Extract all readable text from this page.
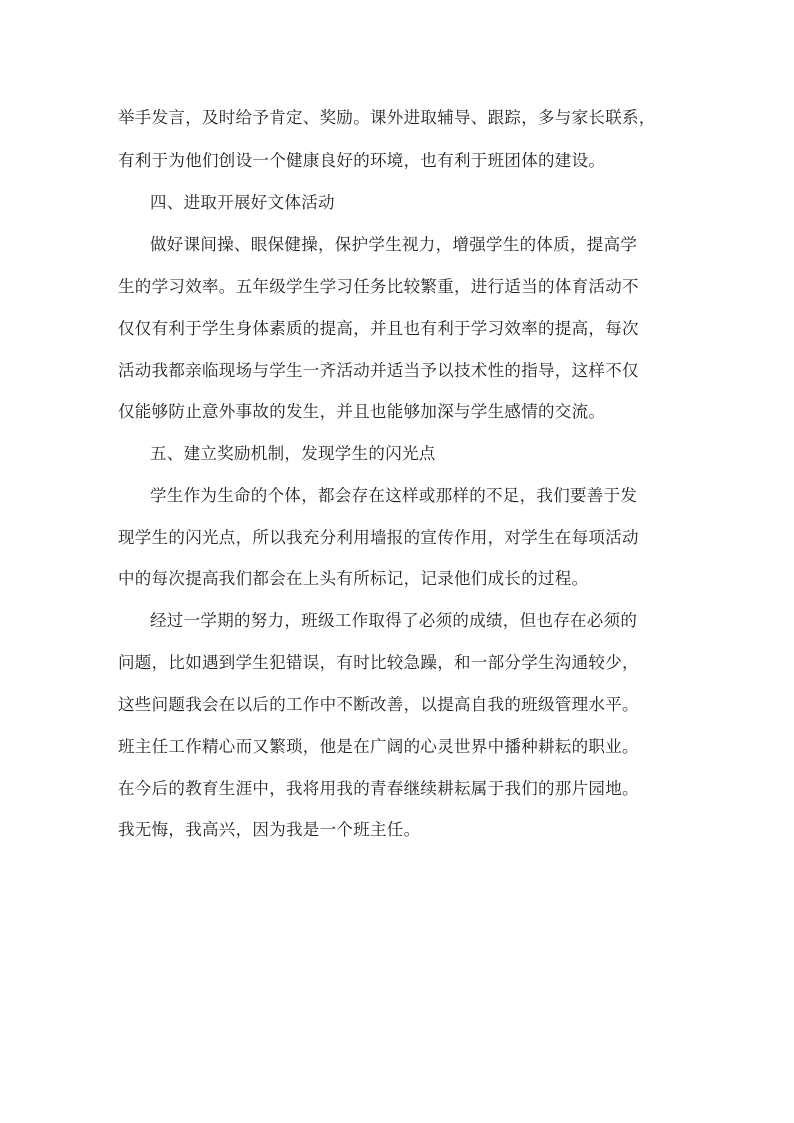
举手发言，及时给予肯定、奖励。课外进取辅导、跟踪，多与家长联系，
有利于为他们创设一个健康良好的环境，也有利于班团体的建设。
四、进取开展好文体活动
做好课间操、眼保健操，保护学生视力，增强学生的体质，提高学
生的学习效率。五年级学生学习任务比较繁重，进行适当的体育活动不
仅仅有利于学生身体素质的提高，并且也有利于学习效率的提高，每次
活动我都亲临现场与学生一齐活动并适当予以技术性的指导，这样不仅
仅能够防止意外事故的发生，并且也能够加深与学生感情的交流。
五、建立奖励机制，发现学生的闪光点
学生作为生命的个体，都会存在这样或那样的不足，我们要善于发
现学生的闪光点，所以我充分利用墙报的宣传作用，对学生在每项活动
中的每次提高我们都会在上头有所标记，记录他们成长的过程。
经过一学期的努力，班级工作取得了必须的成绩，但也存在必须的
问题，比如遇到学生犯错误，有时比较急躁，和一部分学生沟通较少，
这些问题我会在以后的工作中不断改善，以提高自我的班级管理水平。
班主任工作精心而又繁琐，他是在广阔的心灵世界中播种耕耘的职业。
在今后的教育生涯中，我将用我的青春继续耕耘属于我们的那片园地。
我无悔，我高兴，因为我是一个班主任。
